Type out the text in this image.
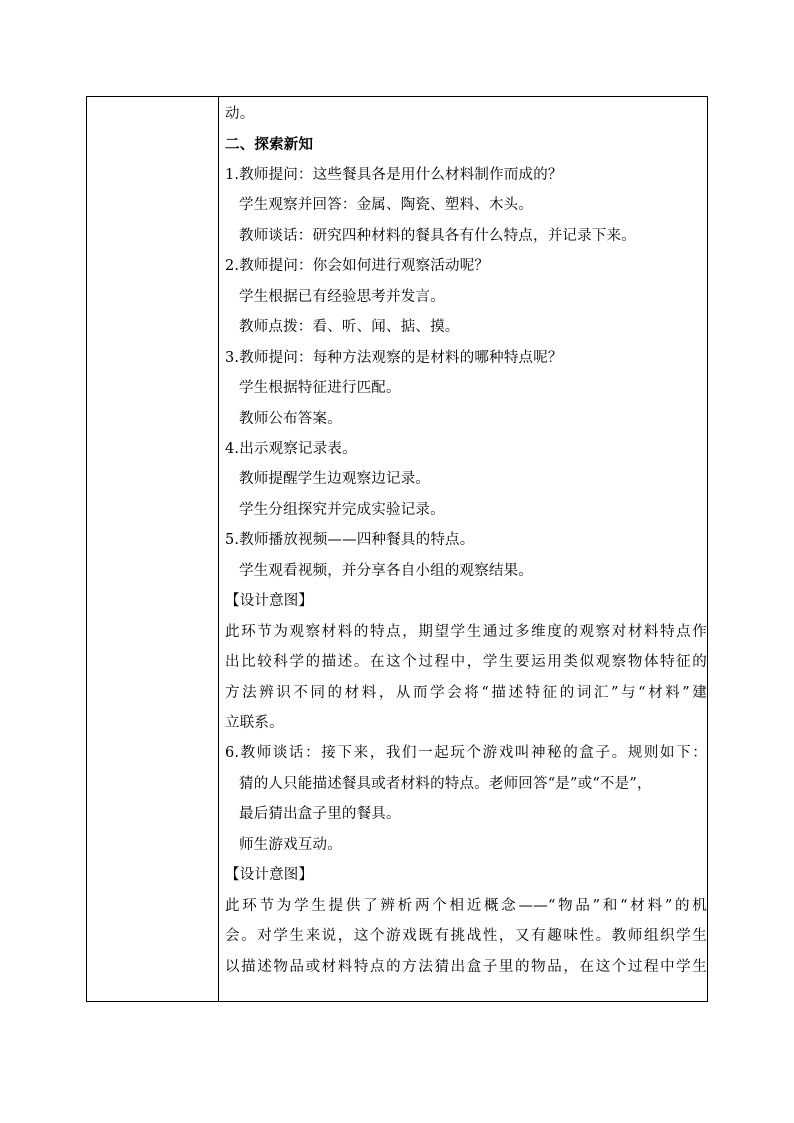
动。
二、探索新知
1.教师提问：这些餐具各是用什么材料制作而成的？
学生观察并回答：金属、陶瓷、塑料、木头。
教师谈话：研究四种材料的餐具各有什么特点，并记录下来。
2.教师提问：你会如何进行观察活动呢？
学生根据已有经验思考并发言。
教师点拨：看、听、闻、掂、摸。
3.教师提问：每种方法观察的是材料的哪种特点呢？
学生根据特征进行匹配。
教师公布答案。
4.出示观察记录表。
教师提醒学生边观察边记录。
学生分组探究并完成实验记录。
5.教师播放视频——四种餐具的特点。
学生观看视频，并分享各自小组的观察结果。
【设计意图】
此环节为观察材料的特点，期望学生通过多维度的观察对材料特点作
出比较科学的描述。在这个过程中，学生要运用类似观察物体特征的
方法辨识不同的材料，从而学会将“描述特征的词汇”与“材料”建
立联系。
6.教师谈话：接下来，我们一起玩个游戏叫神秘的盒子。规则如下：
猜的人只能描述餐具或者材料的特点。老师回答“是”或“不是”，
最后猜出盒子里的餐具。
师生游戏互动。
【设计意图】
此环节为学生提供了辨析两个相近概念——“物品”和“材料”的机
会。对学生来说，这个游戏既有挑战性，又有趣味性。教师组织学生
以描述物品或材料特点的方法猜出盒子里的物品，在这个过程中学生
